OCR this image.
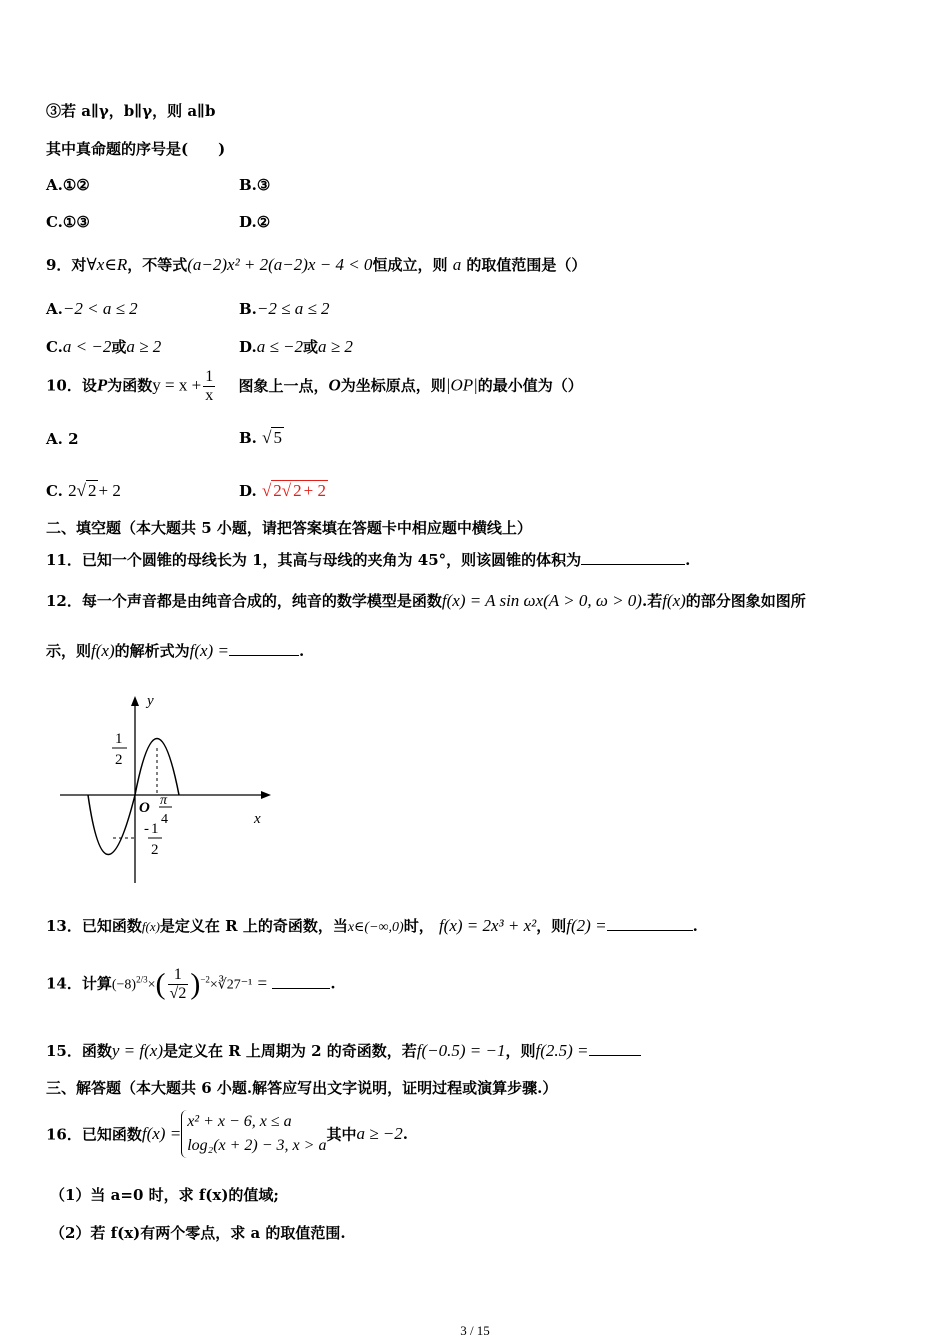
③若 a∥γ，b∥γ，则 a∥b
其中真命题的序号是(　　)
A.①②	B.③
C.①③	D.②
9．对∀x∈R，不等式(a−2)x² + 2(a−2)x − 4 < 0恒成立，则 a 的取值范围是（）
A.−2 < a ≤ 2	B.−2 ≤ a ≤ 2
C.a < −2或a ≥ 2	D.a ≤ −2或a ≥ 2
10．设P为函数$y = x + \frac{1}{x}$ 图象上一点，O为坐标原点，则|OP|的最小值为（）
A. 2	B. √ 5
C. 2√ 2 + 2	D. √ 2√ 2 + 2
二、填空题（本大题共 5 小题，请把答案填在答题卡中相应题中横线上）
11．已知一个圆锥的母线长为 1，其高与母线的夹角为 45°，则该圆锥的体积为	.
12．每一个声音都是由纯音合成的，纯音的数学模型是函数f(x) = A sin ωx(A > 0, ω > 0).若f(x)的部分图象如图所
示，则f(x)的解析式为f(x) =	.
y
x
O
1
2
π
4
- 1
2
13．已知函数f(x)是定义在 R 上的奇函数，当x∈(−∞,0)时， f(x) = 2x³ + x²，则f(2) =	.
14．计算$(-8)^{2/3}\times( \frac{1}{√2}$ )$^{-2}\times∛27^{-1}$ =	.
15．函数y = f(x)是定义在 R 上周期为 2 的奇函数，若f(−0.5) = −1，则f(2.5) =
三、解答题（本大题共 6 小题.解答应写出文字说明，证明过程或演算步骤.）
16．已知函数f(x) =
x² + x − 6, x ≤ a
log₂(x + 2) − 3, x > a
其中a ≥ −2.
（1）当 a=0 时，求 f(x)的值域;
（2）若 f(x)有两个零点，求 a 的取值范围.
3 / 15
